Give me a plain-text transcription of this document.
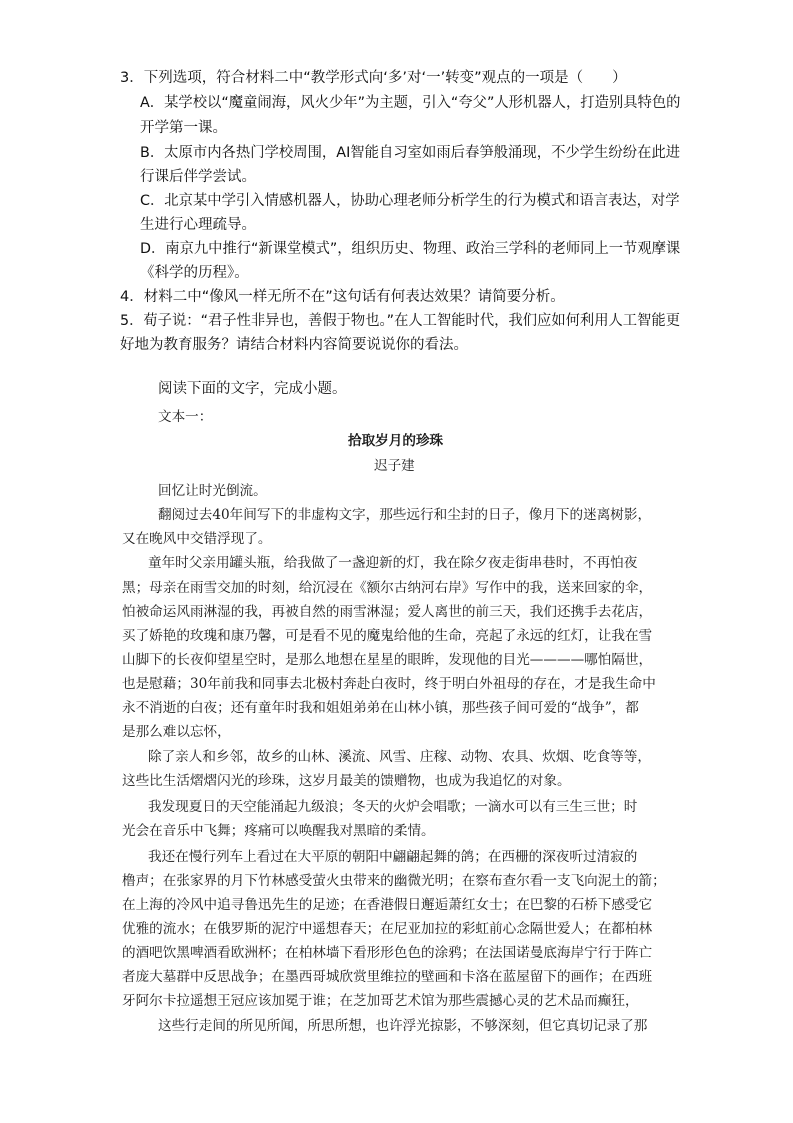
3．下列选项，符合材料二中“教学形式向‘多’对‘一’转变”观点的一项是（　　）
A．某学校以“魔童闹海，风火少年”为主题，引入“夸父”人形机器人，打造别具特色的
开学第一课。
B．太原市内各热门学校周围，AI智能自习室如雨后春笋般涌现，不少学生纷纷在此进
行课后伴学尝试。
C．北京某中学引入情感机器人，协助心理老师分析学生的行为模式和语言表达，对学
生进行心理疏导。
D．南京九中推行“新课堂模式”，组织历史、物理、政治三学科的老师同上一节观摩课
《科学的历程》。
4．材料二中“像风一样无所不在”这句话有何表达效果？请简要分析。
5．荀子说：“君子性非异也，善假于物也。”在人工智能时代，我们应如何利用人工智能更
好地为教育服务？请结合材料内容简要说说你的看法。
阅读下面的文字，完成小题。
文本一：
拾取岁月的珍珠
迟子建
回忆让时光倒流。
翻阅过去40年间写下的非虚构文字，那些远行和尘封的日子，像月下的迷离树影，
又在晚风中交错浮现了。
童年时父亲用罐头瓶，给我做了一盏迎新的灯，我在除夕夜走街串巷时，不再怕夜
黑；母亲在雨雪交加的时刻，给沉浸在《额尔古纳河右岸》写作中的我，送来回家的伞，
怕被命运风雨淋湿的我，再被自然的雨雪淋湿；爱人离世的前三天，我们还携手去花店，
买了娇艳的玫瑰和康乃馨，可是看不见的魔鬼给他的生命，亮起了永远的红灯，让我在雪
山脚下的长夜仰望星空时，是那么地想在星星的眼眸，发现他的目光————哪怕隔世，
也是慰藉；30年前我和同事去北极村奔赴白夜时，终于明白外祖母的存在，才是我生命中
永不消逝的白夜；还有童年时我和姐姐弟弟在山林小镇，那些孩子间可爱的“战争”，都
是那么难以忘怀，
除了亲人和乡邻，故乡的山林、溪流、风雪、庄稼、动物、农具、炊烟、吃食等等，
这些比生活熠熠闪光的珍珠，这岁月最美的馈赠物，也成为我追忆的对象。
我发现夏日的天空能涌起九级浪；冬天的火炉会唱歌；一滴水可以有三生三世；时
光会在音乐中飞舞；疼痛可以唤醒我对黑暗的柔情。
我还在慢行列车上看过在大平原的朝阳中翩翩起舞的鸽；在西栅的深夜听过清寂的
橹声；在张家界的月下竹林感受萤火虫带来的幽微光明；在察布查尔看一支飞向泥土的箭；
在上海的冷风中追寻鲁迅先生的足迹；在香港假日邂逅萧红女士；在巴黎的石桥下感受它
优雅的流水；在俄罗斯的泥泞中遥想春天；在尼亚加拉的彩虹前心念隔世爱人；在都柏林
的酒吧饮黑啤酒看欧洲杯；在柏林墙下看形形色色的涂鸦；在法国诺曼底海岸宁行于阵亡
者庞大墓群中反思战争；在墨西哥城欣赏里维拉的壁画和卡洛在蓝屋留下的画作；在西班
牙阿尔卡拉遥想王冠应该加冕于谁；在芝加哥艺术馆为那些震撼心灵的艺术品而癫狂，
这些行走间的所见所闻，所思所想，也许浮光掠影，不够深刻，但它真切记录了那
